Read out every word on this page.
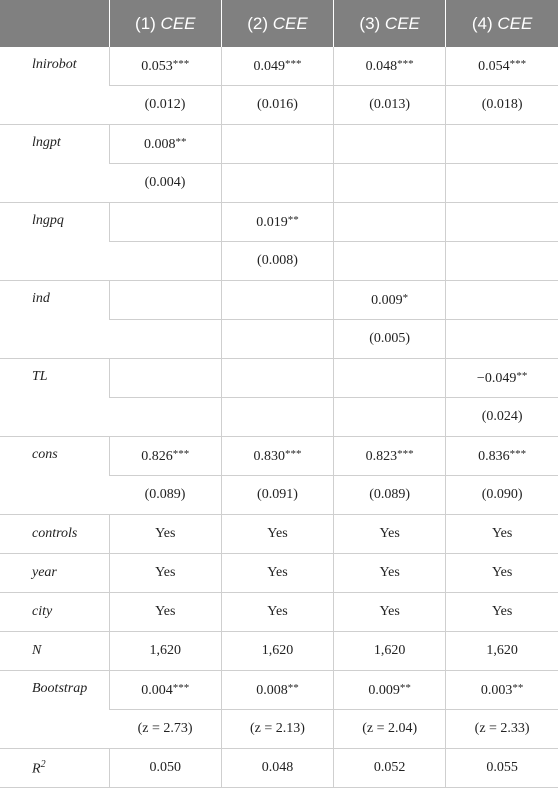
	(1) CEE	(2) CEE	(3) CEE	(4) CEE
lnirobot	0.053***	0.049***	0.048***	0.054***
	(0.012)	(0.016)	(0.013)	(0.018)
lngpt	0.008**			
	(0.004)			
lngpq		0.019**		
		(0.008)		
ind			0.009*	
			(0.005)	
TL				−0.049**
				(0.024)
cons	0.826***	0.830***	0.823***	0.836***
	(0.089)	(0.091)	(0.089)	(0.090)
controls	Yes	Yes	Yes	Yes
year	Yes	Yes	Yes	Yes
city	Yes	Yes	Yes	Yes
N	1,620	1,620	1,620	1,620
Bootstrap	0.004***	0.008**	0.009**	0.003**
	(z = 2.73)	(z = 2.13)	(z = 2.04)	(z = 2.33)
$R^2$	0.050	0.048	0.052	0.055
